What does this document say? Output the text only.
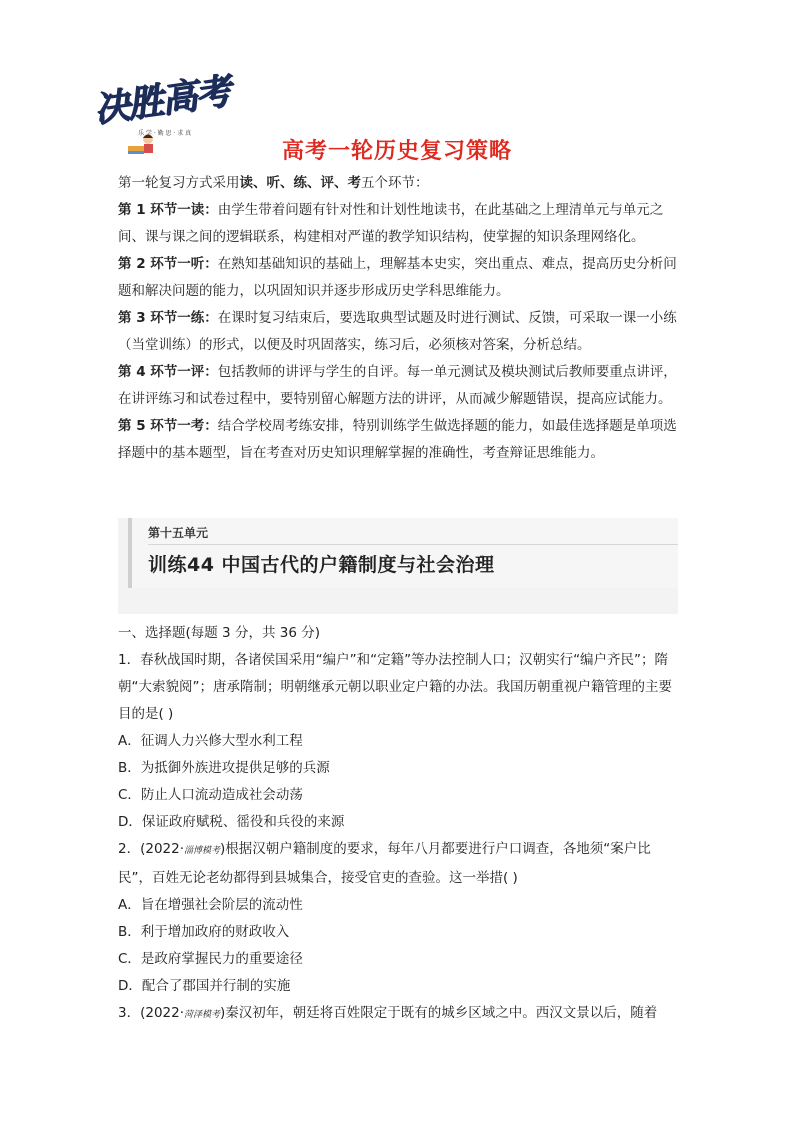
决胜高考
乐 学 · 勤 思 · 求 真
高考一轮历史复习策略

第一轮复习方式采用读、听、练、评、考五个环节：

第 1 环节一读：由学生带着问题有针对性和计划性地读书，在此基础之上理清单元与单元之间、课与课之间的逻辑联系，构建相对严谨的教学知识结构，使掌握的知识条理网络化。

第 2 环节一听：在熟知基础知识的基础上，理解基本史实，突出重点、难点，提高历史分析问题和解决问题的能力，以巩固知识并逐步形成历史学科思维能力。

第 3 环节一练：在课时复习结束后，要选取典型试题及时进行测试、反馈，可采取一课一小练（当堂训练）的形式，以便及时巩固落实，练习后，必须核对答案，分析总结。

第 4 环节一评：包括教师的讲评与学生的自评。每一单元测试及模块测试后教师要重点讲评，在讲评练习和试卷过程中，要特别留心解题方法的讲评，从而减少解题错误，提高应试能力。

第 5 环节一考：结合学校周考练安排，特别训练学生做选择题的能力，如最佳选择题是单项选择题中的基本题型，旨在考查对历史知识理解掌握的准确性，考查辩证思维能力。

第十五单元
训练44 中国古代的户籍制度与社会治理

一、选择题(每题 3 分，共 36 分)

1．春秋战国时期，各诸侯国采用“编户”和“定籍”等办法控制人口；汉朝实行“编户齐民”；隋朝“大索貌阅”；唐承隋制；明朝继承元朝以职业定户籍的办法。我国历朝重视户籍管理的主要目的是( )

A．征调人力兴修大型水利工程

B．为抵御外族进攻提供足够的兵源

C．防止人口流动造成社会动荡

D．保证政府赋税、徭役和兵役的来源

2．(2022·淄博模考)根据汉朝户籍制度的要求，每年八月都要进行户口调查，各地须“案户比民”，百姓无论老幼都得到县城集合，接受官吏的查验。这一举措( )

A．旨在增强社会阶层的流动性

B．利于增加政府的财政收入

C．是政府掌握民力的重要途径

D．配合了郡国并行制的实施

3．(2022·菏泽模考)秦汉初年，朝廷将百姓限定于既有的城乡区域之中。西汉文景以后，随着
